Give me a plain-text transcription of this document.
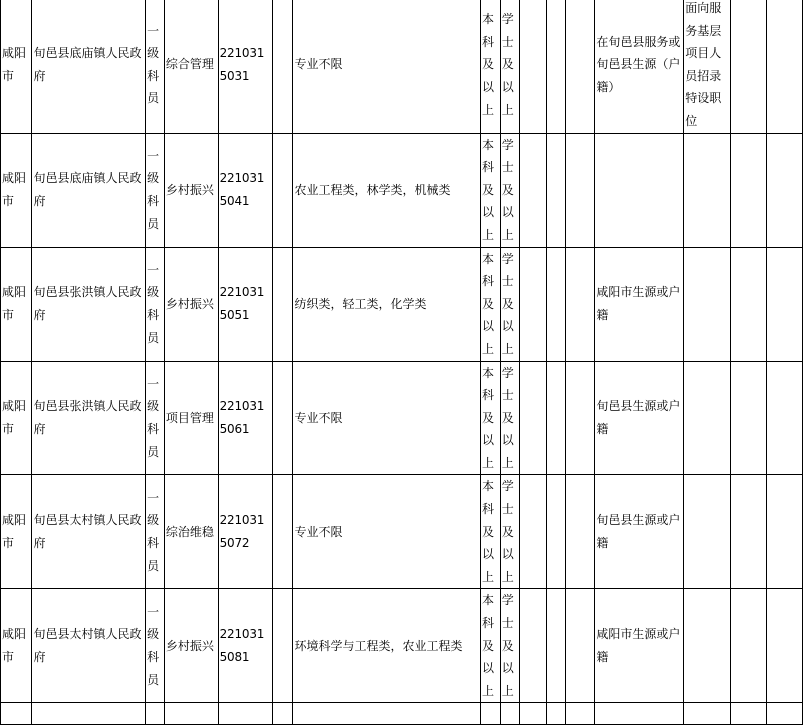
咸阳市	旬邑县底庙镇人民政府	一级科员	综合管理	2210315031		专业不限	本科及以上	学士及以上				在旬邑县服务或旬邑县生源（户籍）	面向服务基层项目人员招录特设职位		
咸阳市	旬邑县底庙镇人民政府	一级科员	乡村振兴	2210315041		农业工程类，林学类，机械类	本科及以上	学士及以上							
咸阳市	旬邑县张洪镇人民政府	一级科员	乡村振兴	2210315051		纺织类，轻工类，化学类	本科及以上	学士及以上				咸阳市生源或户籍			
咸阳市	旬邑县张洪镇人民政府	一级科员	项目管理	2210315061		专业不限	本科及以上	学士及以上				旬邑县生源或户籍			
咸阳市	旬邑县太村镇人民政府	一级科员	综治维稳	2210315072		专业不限	本科及以上	学士及以上				旬邑县生源或户籍			
咸阳市	旬邑县太村镇人民政府	一级科员	乡村振兴	2210315081		环境科学与工程类，农业工程类	本科及以上	学士及以上				咸阳市生源或户籍			
